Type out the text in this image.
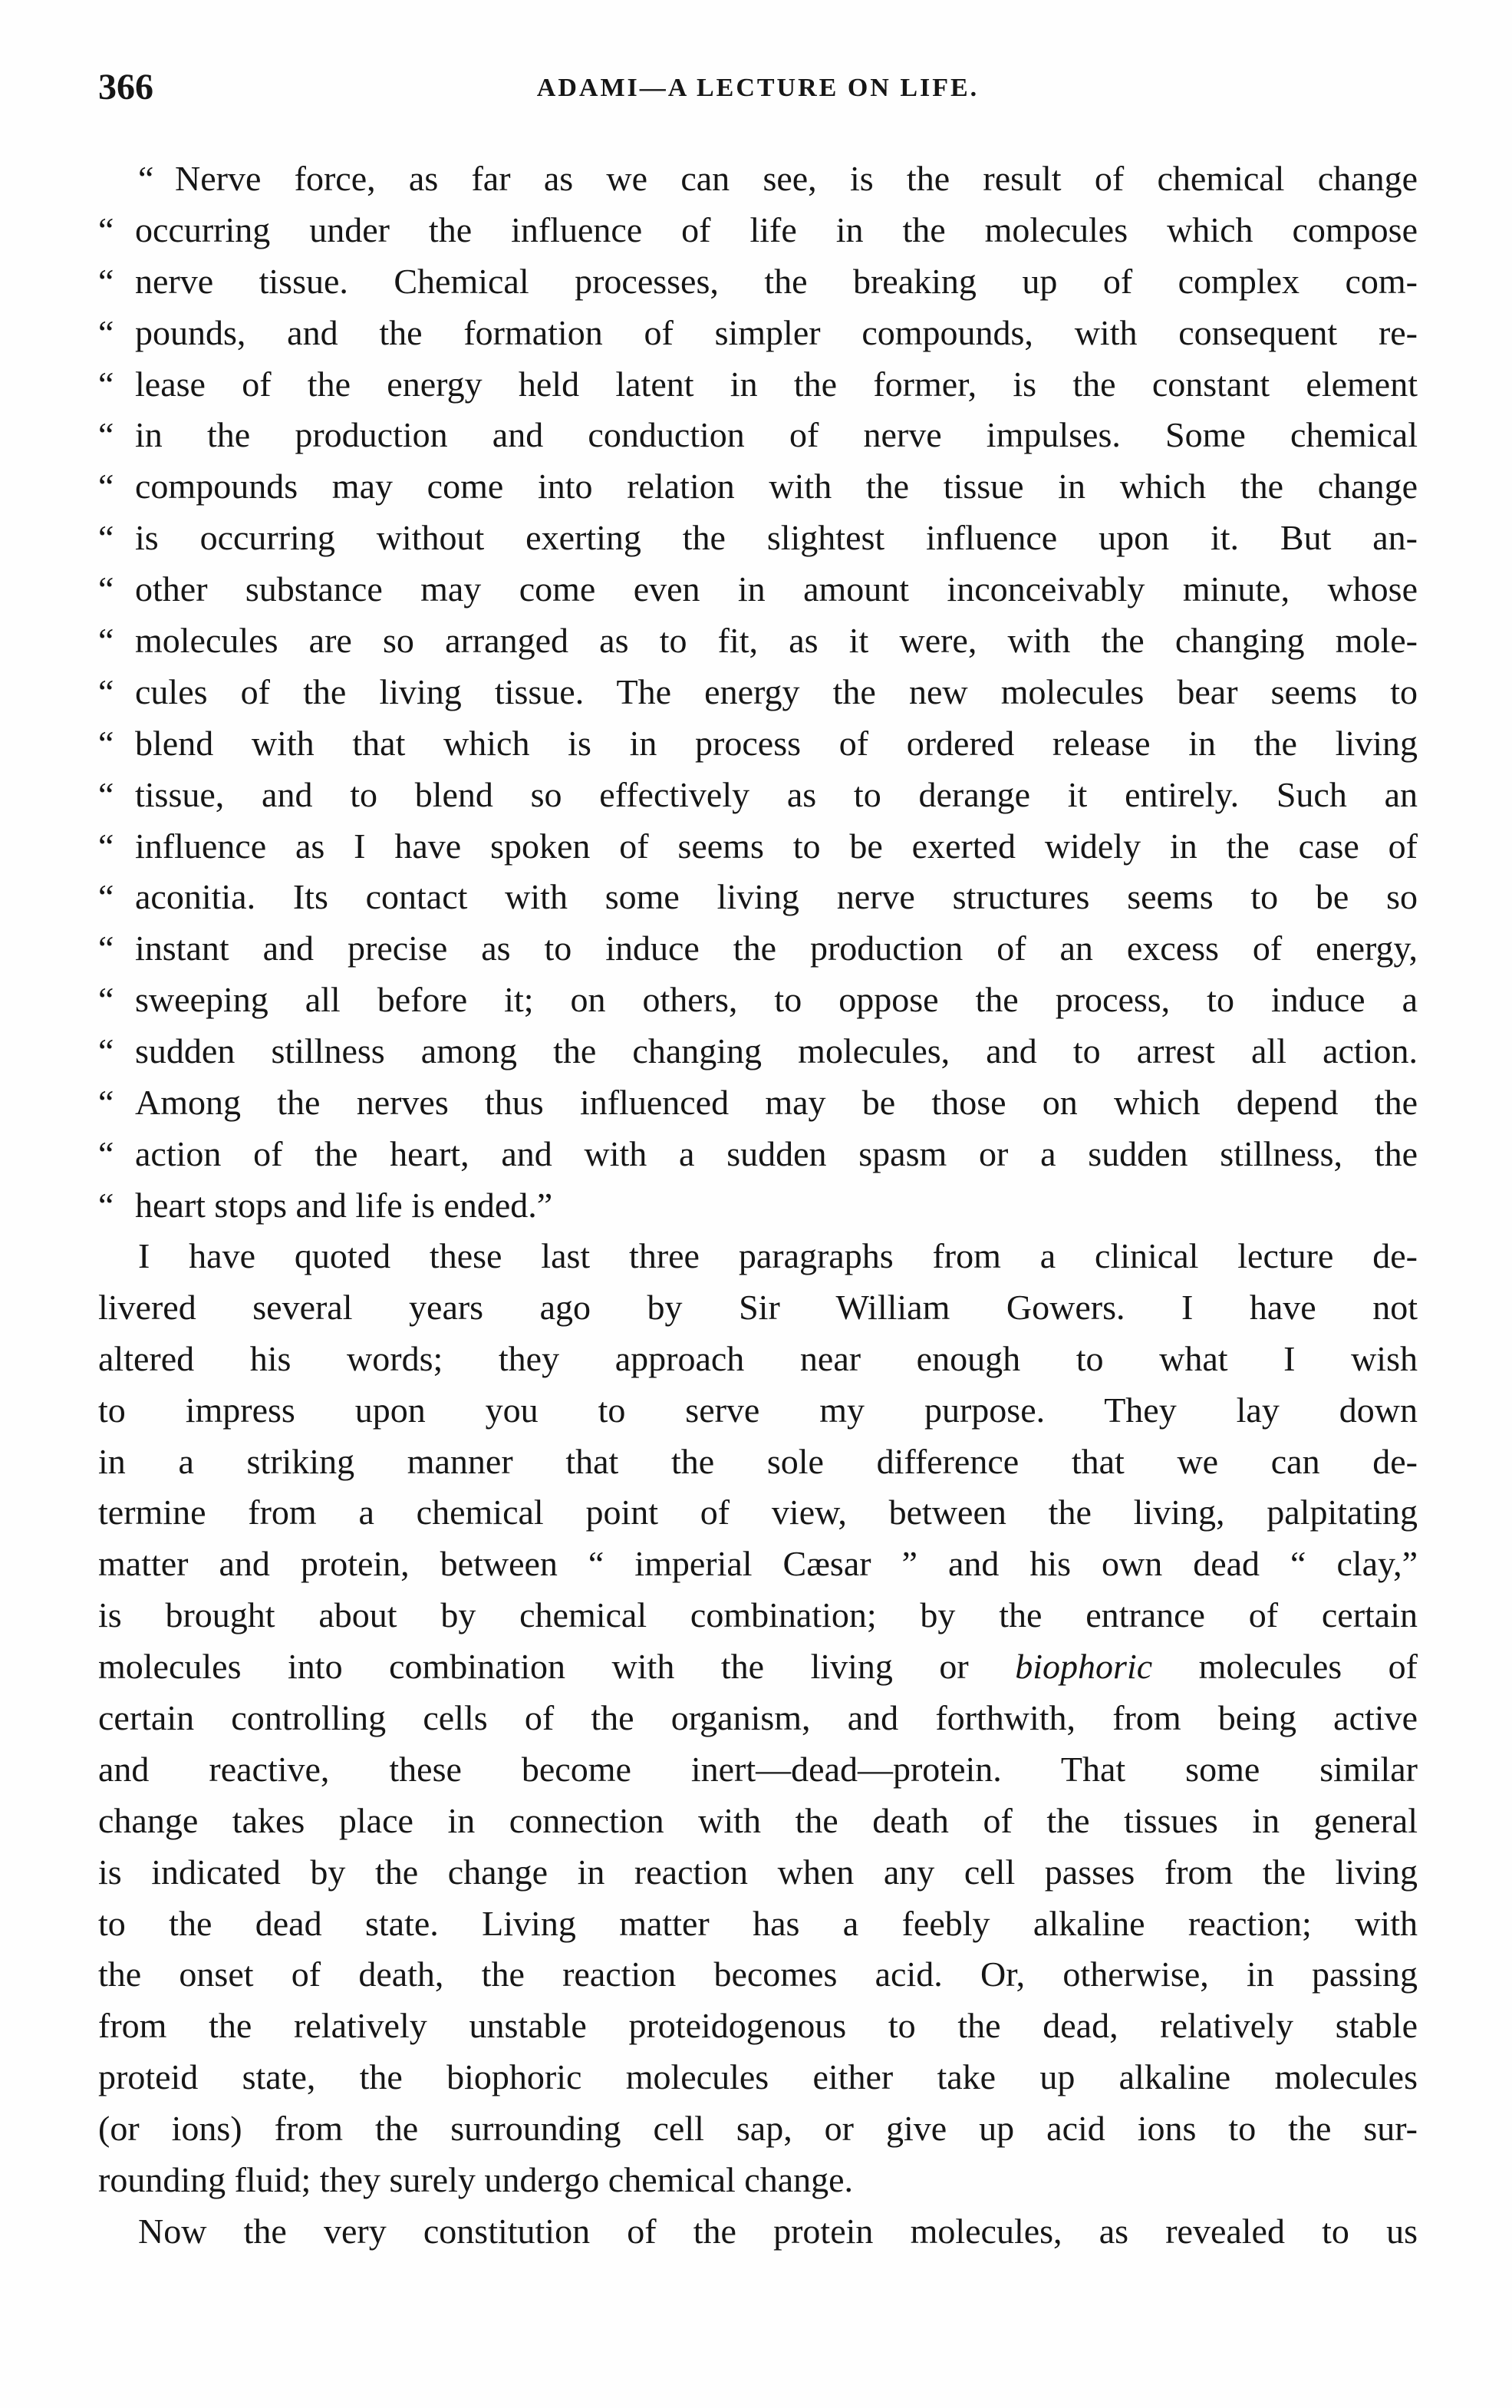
366	ADAMI—A LECTURE ON LIFE.
“ Nerve force, as far as we can see, is the result of chemical change
“ occurring under the influence of life in the molecules which compose
“ nerve tissue. Chemical processes, the breaking up of complex com-
“ pounds, and the formation of simpler compounds, with consequent re-
“ lease of the energy held latent in the former, is the constant element
“ in the production and conduction of nerve impulses. Some chemical
“ compounds may come into relation with the tissue in which the change
“ is occurring without exerting the slightest influence upon it. But an-
“ other substance may come even in amount inconceivably minute, whose
“ molecules are so arranged as to fit, as it were, with the changing mole-
“ cules of the living tissue. The energy the new molecules bear seems to
“ blend with that which is in process of ordered release in the living
“ tissue, and to blend so effectively as to derange it entirely. Such an
“ influence as I have spoken of seems to be exerted widely in the case of
“ aconitia. Its contact with some living nerve structures seems to be so
“ instant and precise as to induce the production of an excess of energy,
“ sweeping all before it; on others, to oppose the process, to induce a
“ sudden stillness among the changing molecules, and to arrest all action.
“ Among the nerves thus influenced may be those on which depend the
“ action of the heart, and with a sudden spasm or a sudden stillness, the
“ heart stops and life is ended.”
I have quoted these last three paragraphs from a clinical lecture de-
livered several years ago by Sir William Gowers. I have not
altered his words; they approach near enough to what I wish
to impress upon you to serve my purpose. They lay down
in a striking manner that the sole difference that we can de-
termine from a chemical point of view, between the living, palpitating
matter and protein, between “ imperial Cæsar ” and his own dead “ clay,”
is brought about by chemical combination; by the entrance of certain
molecules into combination with the living or biophoric molecules of
certain controlling cells of the organism, and forthwith, from being active
and reactive, these become inert—dead—protein. That some similar
change takes place in connection with the death of the tissues in general
is indicated by the change in reaction when any cell passes from the living
to the dead state. Living matter has a feebly alkaline reaction; with
the onset of death, the reaction becomes acid. Or, otherwise, in passing
from the relatively unstable proteidogenous to the dead, relatively stable
proteid state, the biophoric molecules either take up alkaline molecules
(or ions) from the surrounding cell sap, or give up acid ions to the sur-
rounding fluid; they surely undergo chemical change.
Now the very constitution of the protein molecules, as revealed to us
